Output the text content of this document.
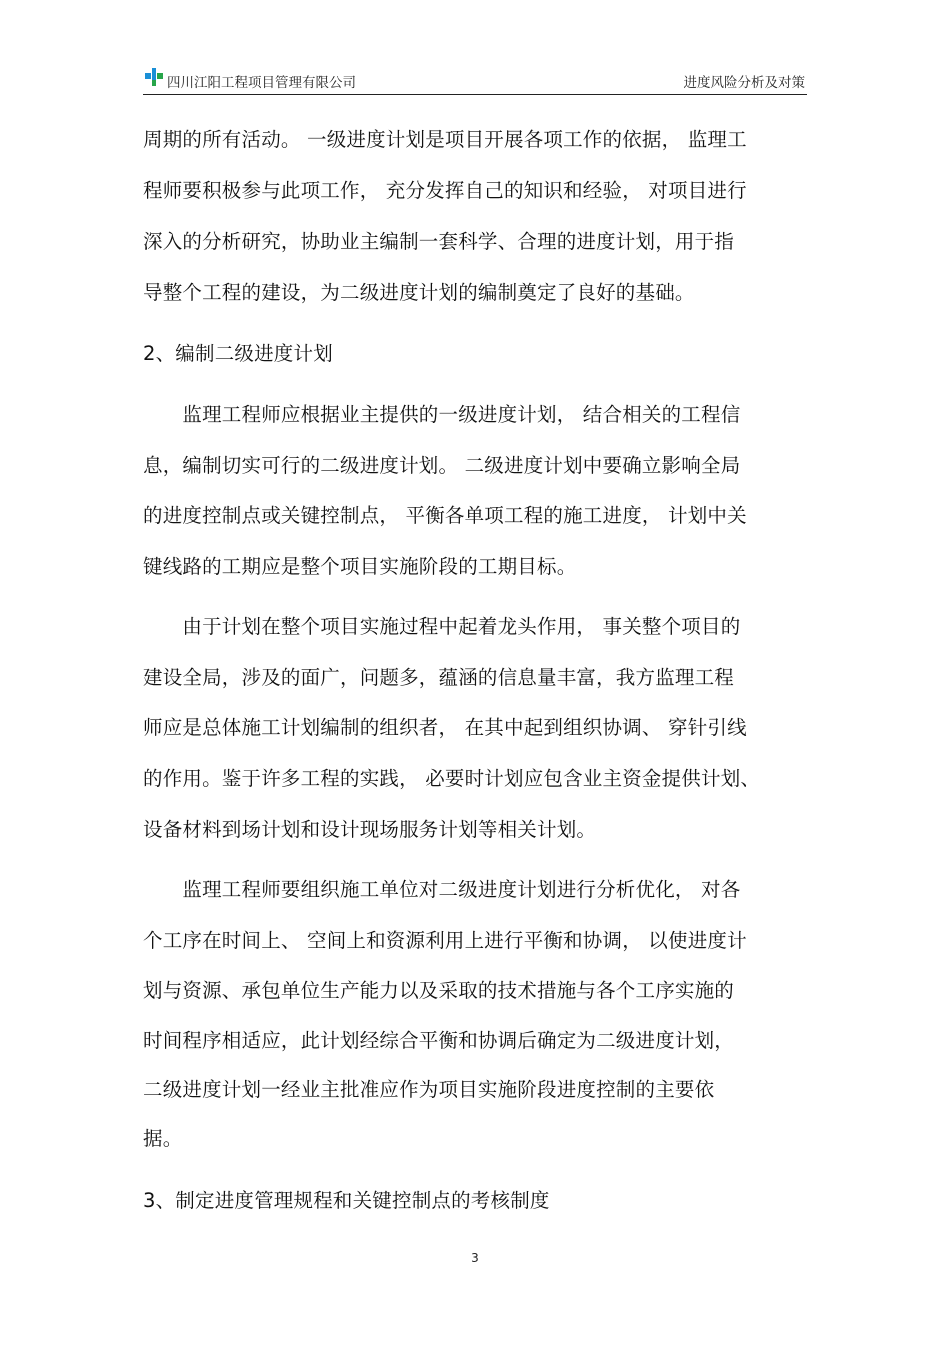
四川江阳工程项目管理有限公司	进度风险分析及对策
周期的所有活动。 一级进度计划是项目开展各项工作的依据， 监理工
程师要积极参与此项工作， 充分发挥自己的知识和经验， 对项目进行
深入的分析研究，协助业主编制一套科学、合理的进度计划，用于指
导整个工程的建设，为二级进度计划的编制奠定了良好的基础。
2、编制二级进度计划
　　监理工程师应根据业主提供的一级进度计划， 结合相关的工程信
息，编制切实可行的二级进度计划。 二级进度计划中要确立影响全局
的进度控制点或关键控制点， 平衡各单项工程的施工进度， 计划中关
键线路的工期应是整个项目实施阶段的工期目标。
　　由于计划在整个项目实施过程中起着龙头作用， 事关整个项目的
建设全局，涉及的面广，问题多，蕴涵的信息量丰富，我方监理工程
师应是总体施工计划编制的组织者， 在其中起到组织协调、 穿针引线
的作用。鉴于许多工程的实践， 必要时计划应包含业主资金提供计划、
设备材料到场计划和设计现场服务计划等相关计划。
　　监理工程师要组织施工单位对二级进度计划进行分析优化， 对各
个工序在时间上、 空间上和资源利用上进行平衡和协调， 以使进度计
划与资源、承包单位生产能力以及采取的技术措施与各个工序实施的
时间程序相适应，此计划经综合平衡和协调后确定为二级进度计划，
二级进度计划一经业主批准应作为项目实施阶段进度控制的主要依
据。
3、制定进度管理规程和关键控制点的考核制度
3
